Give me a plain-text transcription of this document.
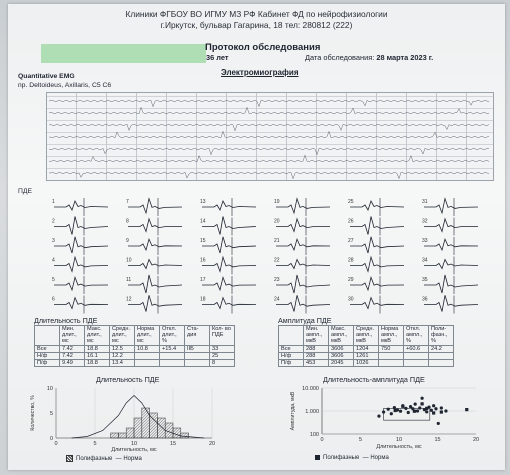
Клиники ФГБОУ ВО ИГМУ МЗ РФ Кабинет ФД по нейрофизиологии
г.Иркутск, бульвар Гагарина, 18 тел: 280812 (222)
Протокол обследования
36 лет	Дата обследования: 28 марта 2023 г.
Электромиография
Quantitative EMG
пр. Deltoideus, Axillaris, C5 C6
ПДЕ
1
2
3
4
5
6
7
8
9
10
11
12
13
14
15
16
17
18
19
20
21
22
23
24
25
26
27
28
29
30
31
32
33
34
35
36
Длительность ПДЕ
	Мин. длит., мс	Макс. длит., мс	Средн. длит., мс	Норма длит., мс	Откл. длит., %	Ста- дия	Кол- во ПДЕ
Все	7.42	18.8	12.5	10.8	+15.4	IIБ	33
Н/ф	7.42	16.1	12.2				25
П/ф	9.49	18.8	13.4				8
Амплитуда ПДЕ
	Мин. ампл., мкВ	Макс. ампл., мкВ	Средн. ампл., мкВ	Норма ампл., мкВ	Откл. ампл., %	Поли- фазн., %
Все	288	3606	1204	750	+60.6	24.2
Н/ф	288	3606	1261			
П/ф	453	2045	1026			
Длительность ПДЕ
0	5	10	15	20
0
5
10
Количество, %
Длительность, мс
Длительность-амплитуда ПДЕ
100
1.000
10.000
0	5	10	15	20
Амплитуда, мкВ
Длительность, мс
Полифазные  — Норма	Полифазные  — Норма
